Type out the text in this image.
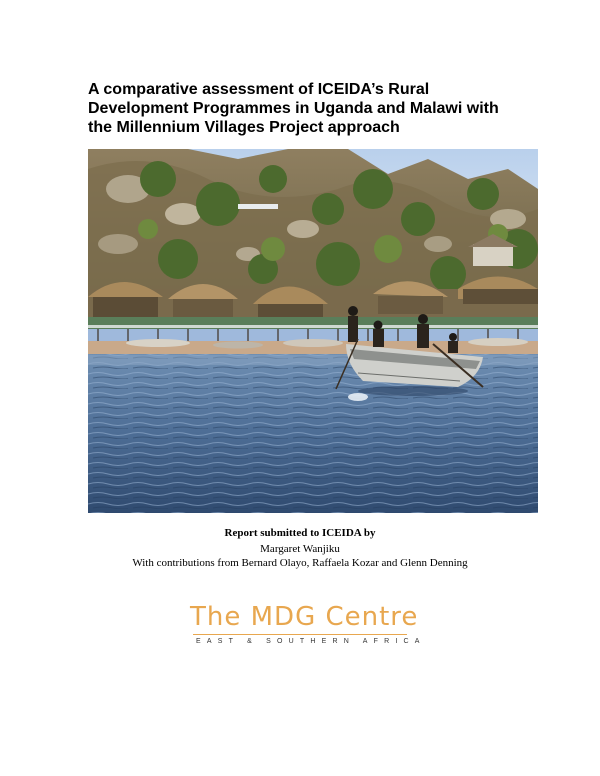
A comparative assessment of ICEIDA’s Rural
Development Programmes in Uganda and Malawi with
the Millennium Villages Project approach
Report submitted to ICEIDA by
Margaret Wanjiku
With contributions from Bernard Olayo, Raffaela Kozar and Glenn Denning
The MDG Centre
EAST & SOUTHERN AFRICA
